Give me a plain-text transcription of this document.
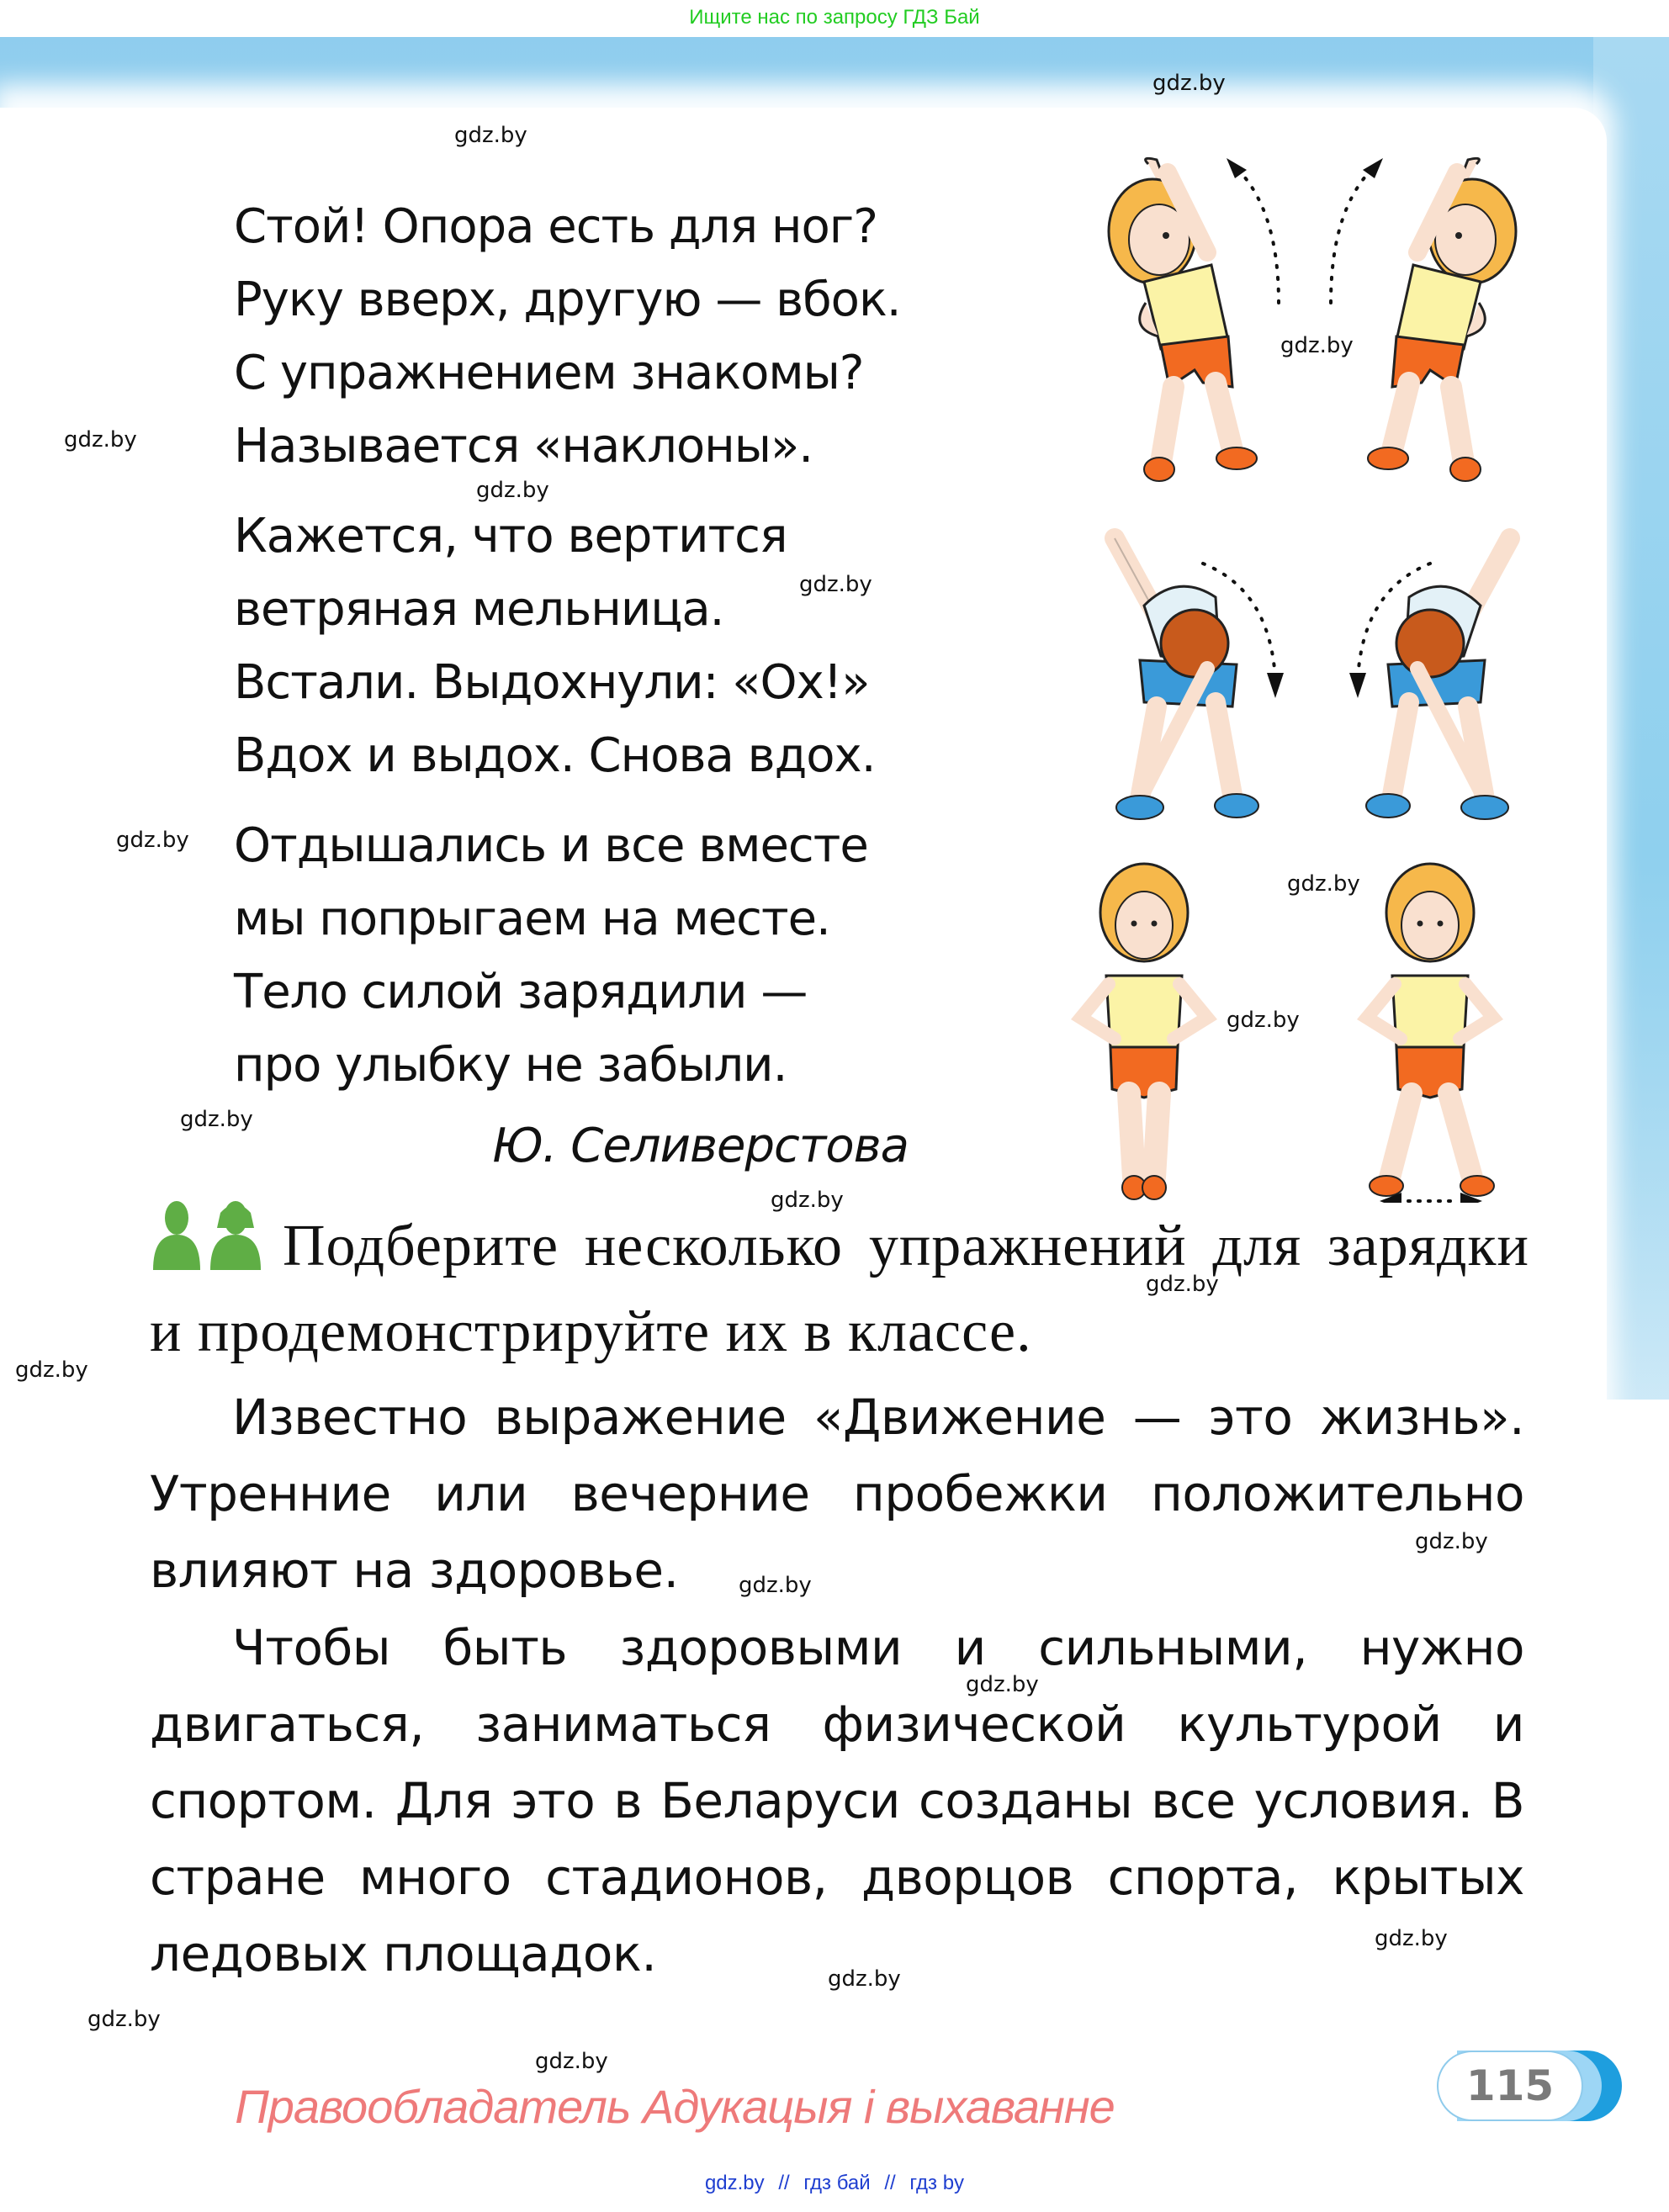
Ищите нас по запросу ГДЗ Бай
Стой! Опора есть для ног?
Руку вверх, другую — вбок.
С упражнением знакомы?
Называется «наклоны».
Кажется, что вертится
ветряная мельница.
Встали. Выдохнули: «Ох!»
Вдох и выдох. Снова вдох.
Отдышались и все вместе
мы попрыгаем на месте.
Тело силой зарядили —
про улыбку не забыли.
Ю. Селиверстова
Подберите несколько упражнений для зарядки и продемонстрируйте их в классе.
Известно выражение «Движение — это жизнь». Утренние или вечерние пробежки положительно влияют на здоровье.
Чтобы быть здоровыми и сильными, нужно двигаться, заниматься физической культурой и спортом. Для это в Беларуси созданы все условия. В стране много стадионов, дворцов спорта, крытых ледовых площадок.
gdz.by
gdz.by
gdz.by
gdz.by
gdz.by
gdz.by
gdz.by
gdz.by
gdz.by
gdz.by
gdz.by
gdz.by
gdz.by
gdz.by
gdz.by
gdz.by
gdz.by
gdz.by
gdz.by
gdz.by	115
Правообладатель Адукацыя і выхаванне
gdz.by // гдз бай // гдз by
